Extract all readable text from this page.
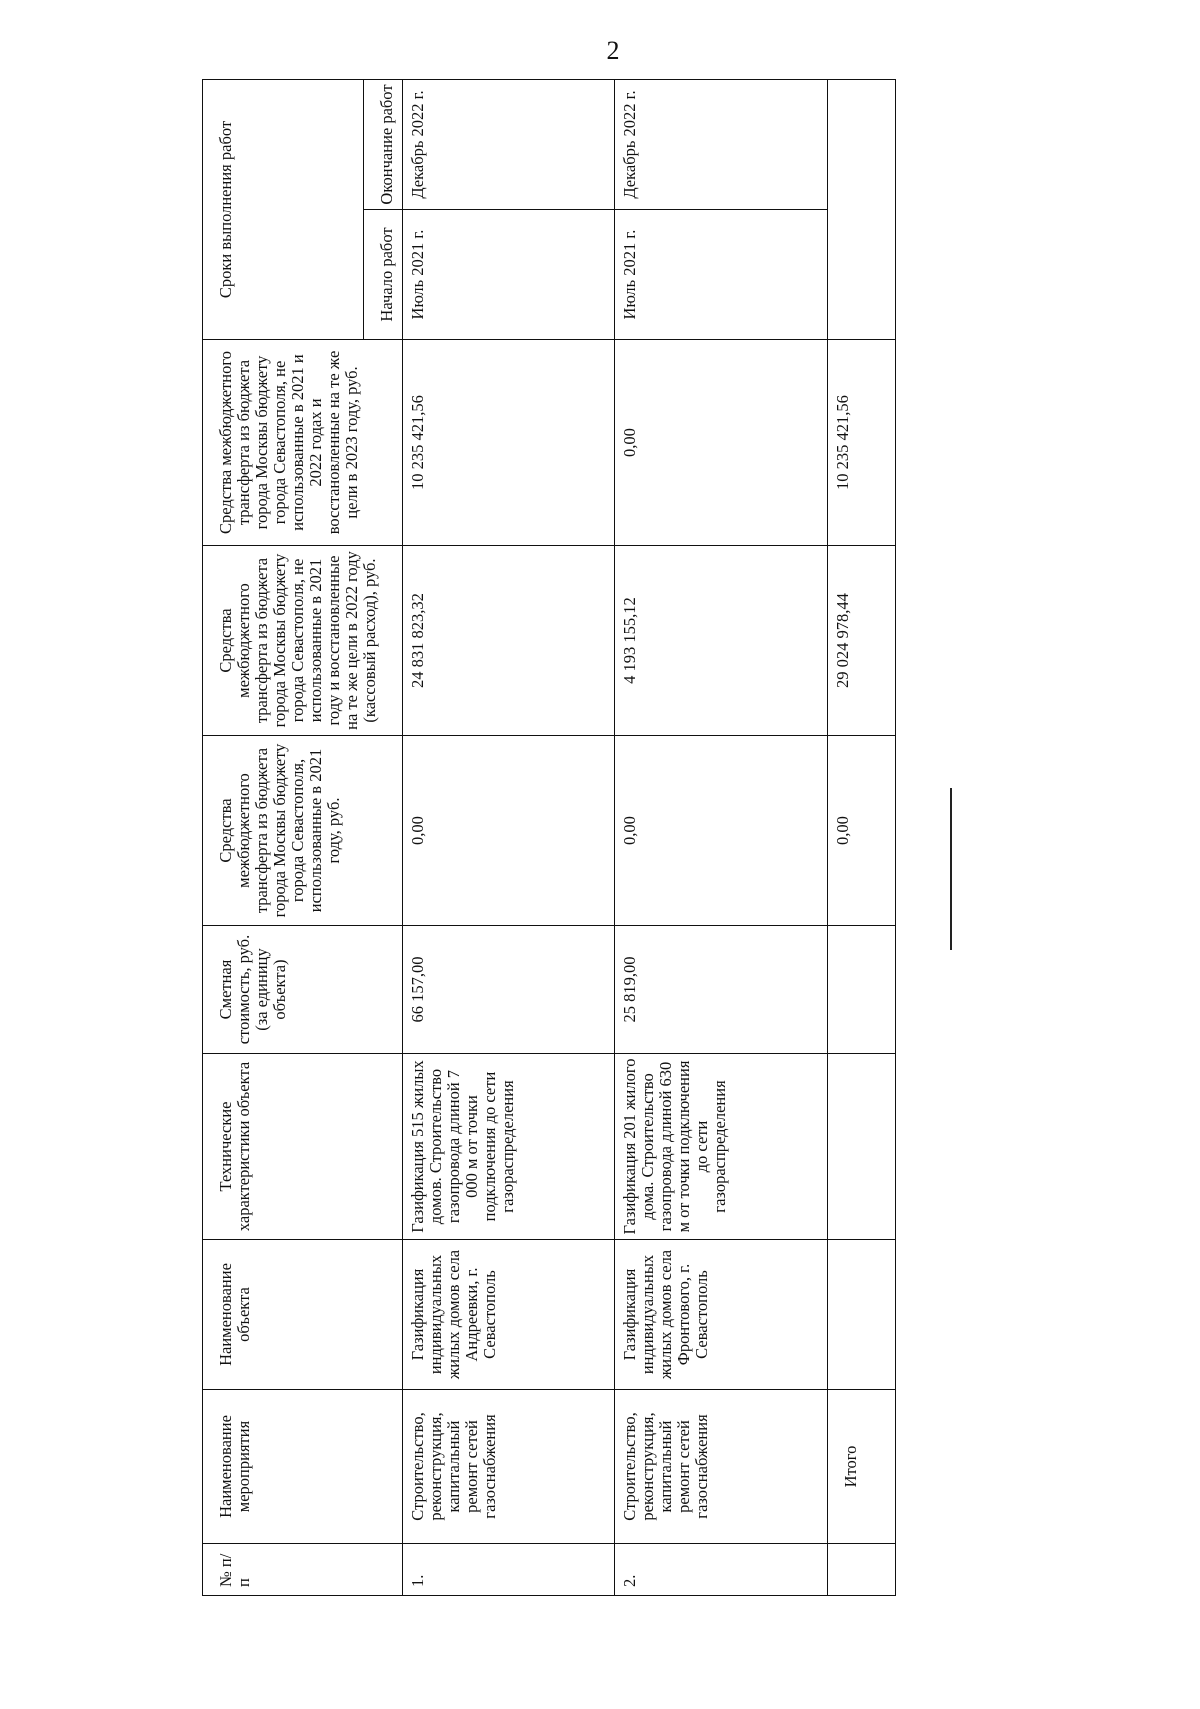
2
№ п/п	Наименование мероприятия	Наименование объекта	Технические характеристики объекта	Сметная стоимость, руб. (за единицу объекта)	Средства межбюджетного трансферта из бюджета города Москвы бюджету города Севастополя, использованные в 2021 году, руб.	Средства межбюджетного трансферта из бюджета города Москвы бюджету города Севастополя, не использованные в 2021 году и восстановленные на те же цели в 2022 году (кассовый расход), руб.	Средства межбюджетного трансферта из бюджета города Москвы бюджету города Севастополя, не использованные в 2021 и 2022 годах и восстановленные на те же цели в 2023 году, руб.	Сроки выполнения работ	
								Начало работ	Окончание работ
1.	Строительство, реконструкция, капитальный ремонт сетей газоснабжения	Газификация индивидуальных жилых домов села Андреевки, г. Севастополь	Газификация 515 жилых домов. Строительство газопровода длиной 7 000 м от точки подключения до сети газораспределения	66 157,00	0,00	24 831 823,32	10 235 421,56	Июль 2021 г.	Декабрь 2022 г.
2.	Строительство, реконструкция, капитальный ремонт сетей газоснабжения	Газификация индивидуальных жилых домов села Фронтового, г. Севастополь	Газификация 201 жилого дома. Строительство газопровода длиной 630 м от точки подключения до сети газораспределения	25 819,00	0,00	4 193 155,12	0,00	Июль 2021 г.	Декабрь 2022 г.
	Итого				0,00	29 024 978,44	10 235 421,56		
